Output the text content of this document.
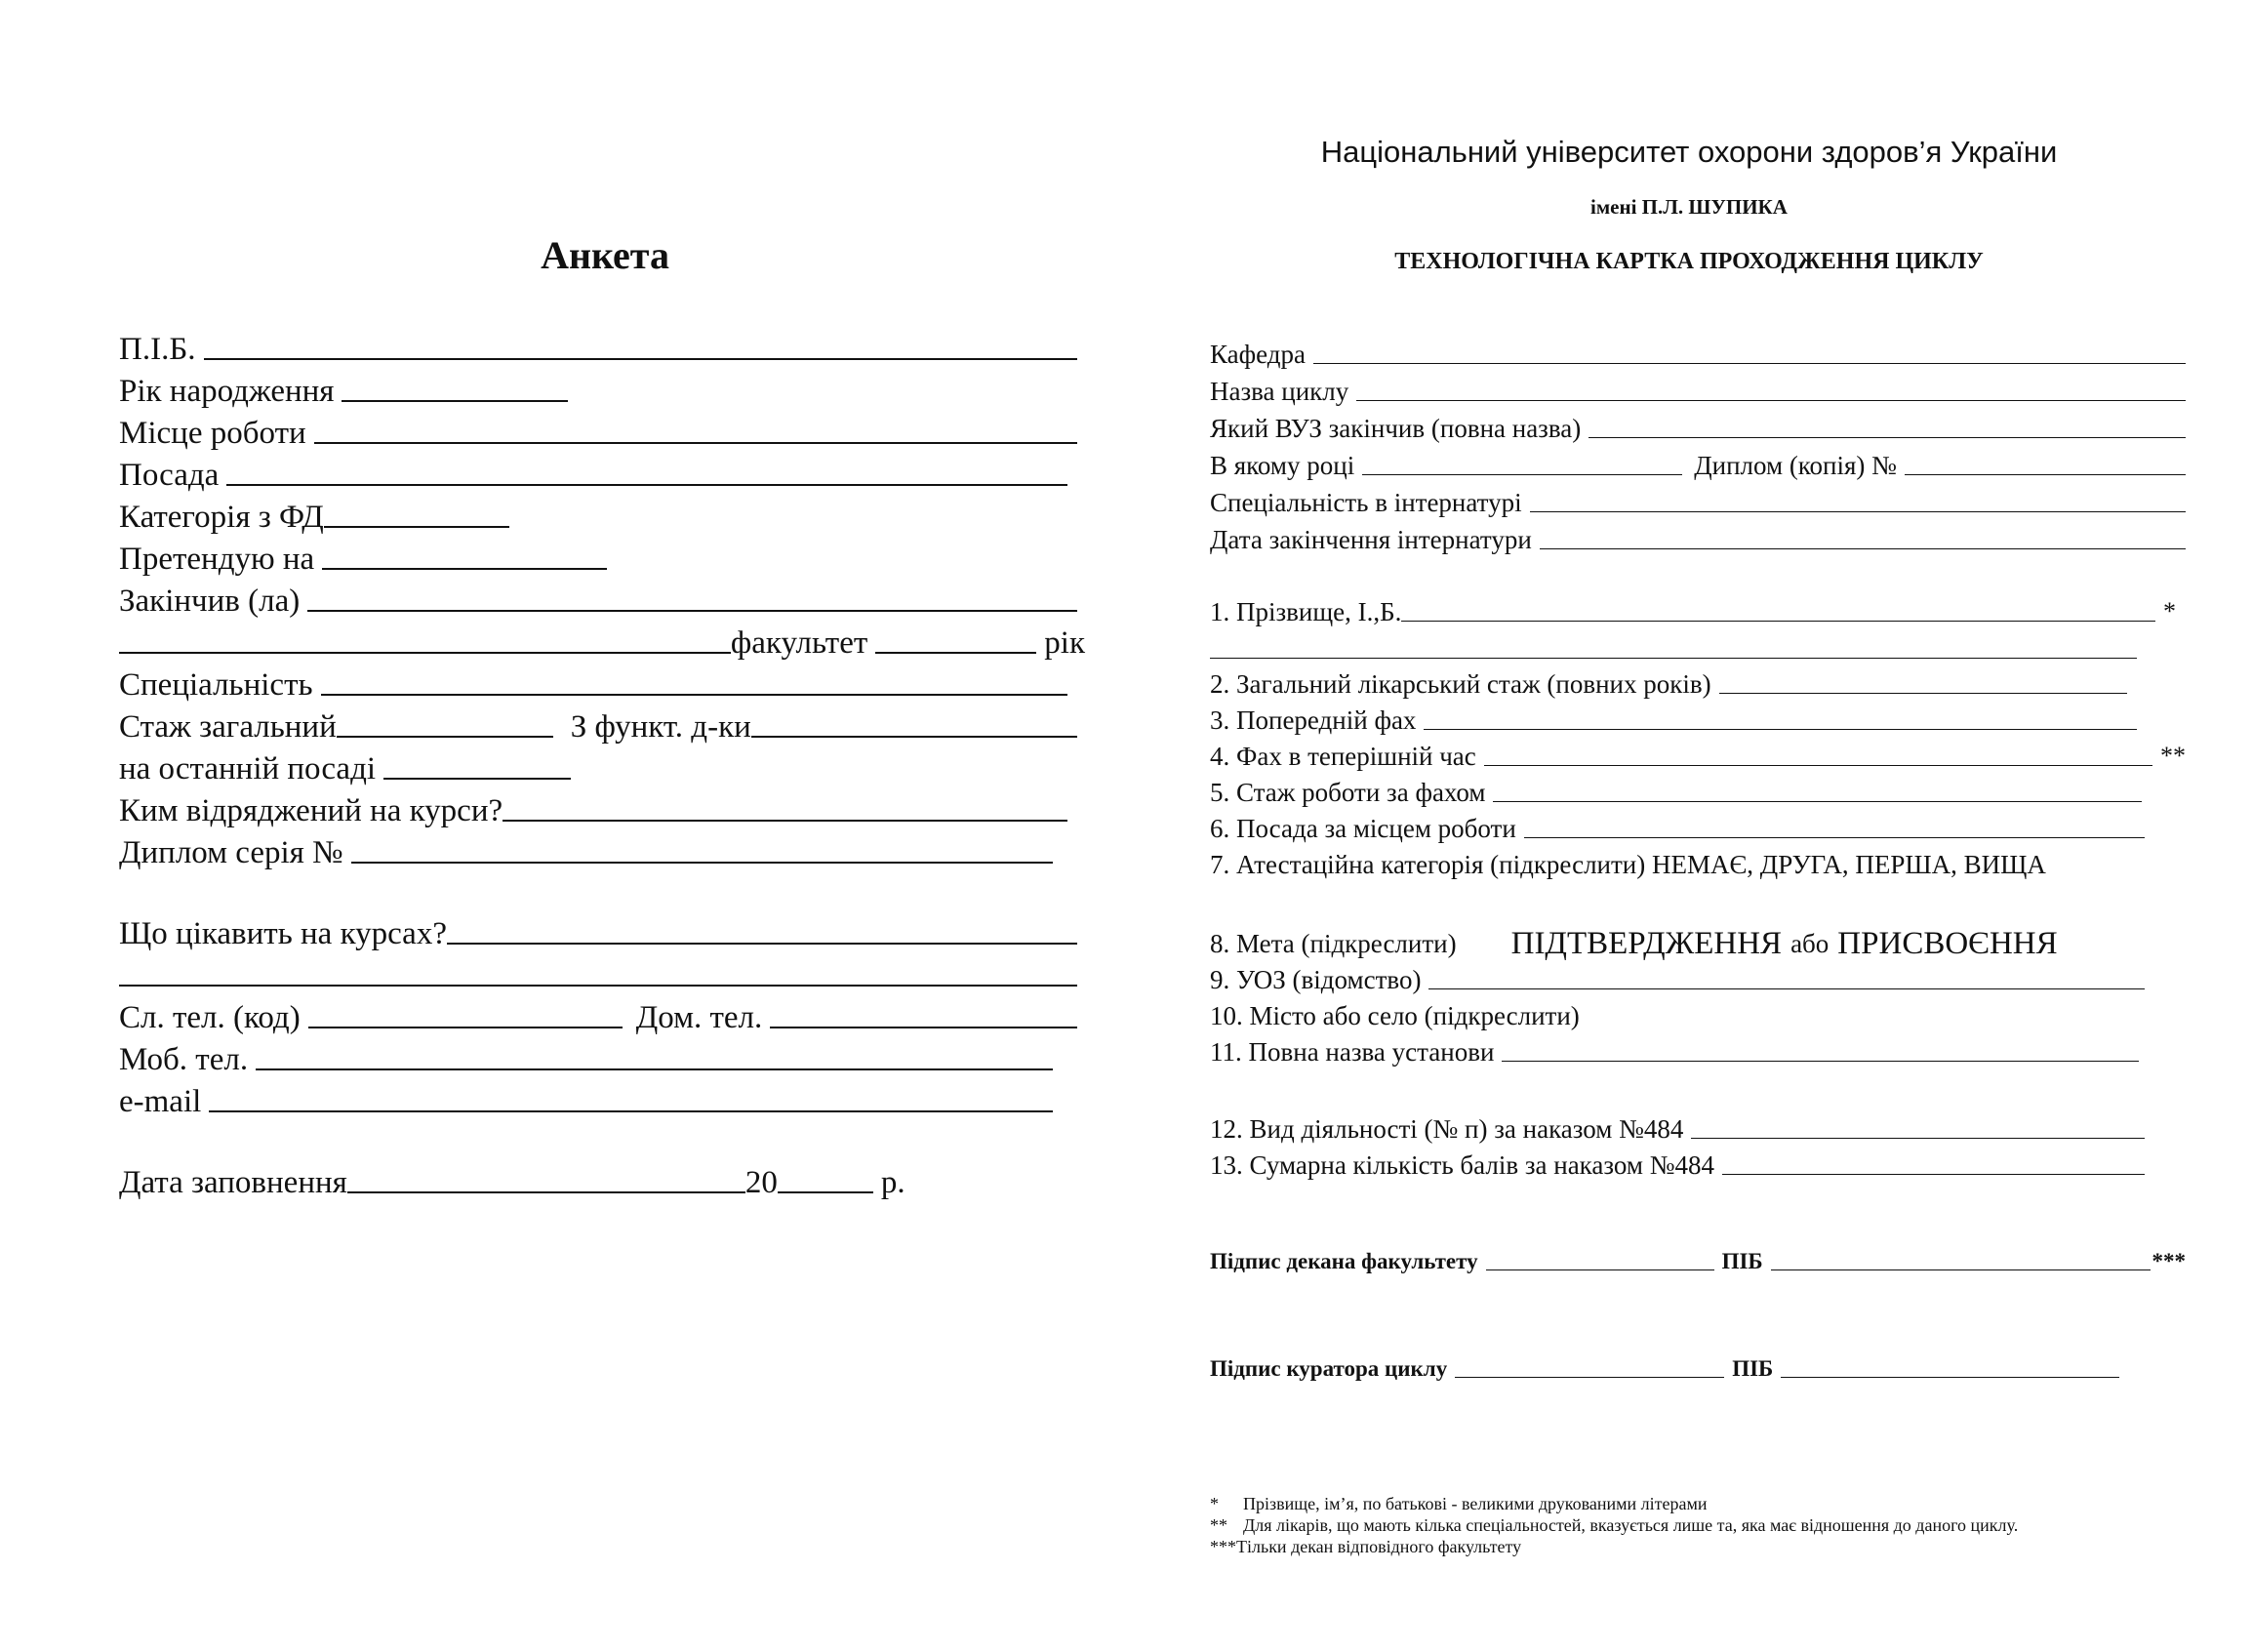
Анкета
П.І.Б.
Рік народження
Місце роботи
Посада
Категорія з ФД
Претендую на
Закінчив (ла)
факультет	рік
Спеціальність
Стаж загальний	З функт. д-ки
на останній посаді
Ким відряджений на курси?
Диплом серія №
Що цікавить на курсах?
Сл. тел. (код)	Дом. тел.
Моб. тел.
e-mail
Дата заповнення	20	р.
Національний університет охорони здоров’я України
імені П.Л. ШУПИКА
ТЕХНОЛОГІЧНА КАРТКА ПРОХОДЖЕННЯ ЦИКЛУ
Кафедра
Назва циклу
Який ВУЗ закінчив (повна назва)
В якому році	Диплом (копія) №
Спеціальність в інтернатурі
Дата закінчення інтернатури
1. Прізвище, І.,Б.	*
2. Загальний лікарський стаж (повних років)
3. Попередній фах
4. Фах в теперішній час	**
5. Стаж роботи за фахом
6. Посада за місцем роботи
7. Атестаційна категорія (підкреслити) НЕМАЄ, ДРУГА, ПЕРША, ВИЩА
8. Мета (підкреслити) ПІДТВЕРДЖЕННЯ або ПРИСВОЄННЯ
9. УОЗ (відомство)
10. Місто або село (підкреслити)
11. Повна назва установи
12. Вид діяльності (№ п) за наказом №484
13. Сумарна кількість балів за наказом №484
Підпис декана факультету	ПІБ	***
Підпис куратора циклу	ПІБ
* Прізвище, ім’я, по батькові - великими друкованими літерами
** Для лікарів, що мають кілька спеціальностей, вказується лише та, яка має відношення до даного циклу.
***Тільки декан відповідного факультету
